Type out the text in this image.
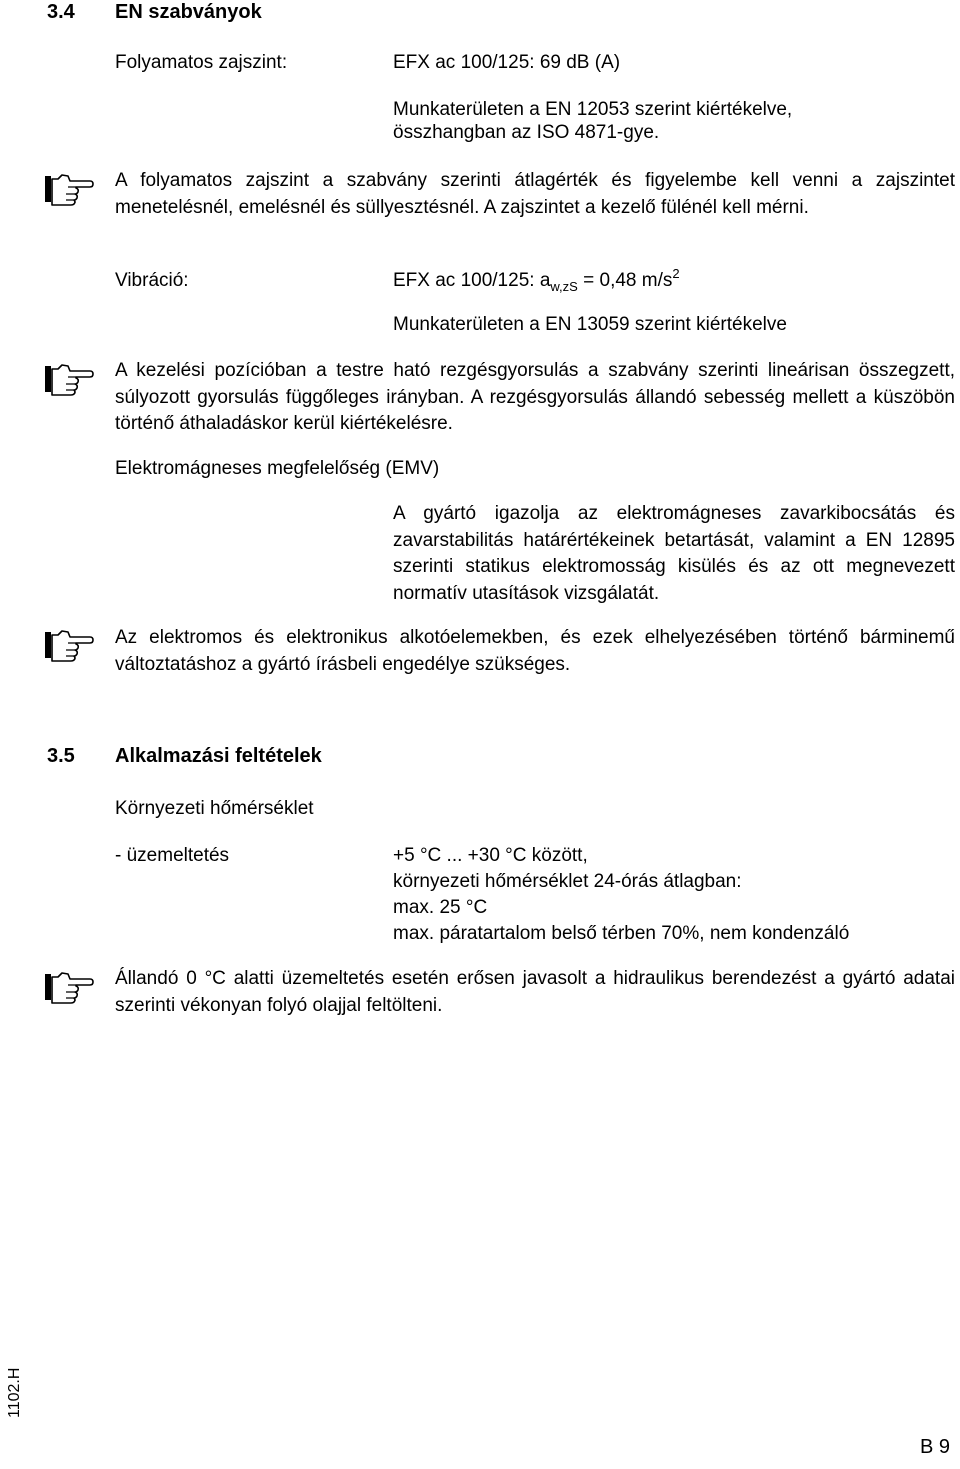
3.4 EN szabványok
Folyamatos zajszint:	EFX ac 100/125: 69 dB (A)
Munkaterületen a EN 12053 szerint kiértékelve,
összhangban az ISO 4871-gye.
A folyamatos zajszint a szabvány szerinti átlagérték és figyelembe kell venni a zajszintet menetelésnél, emelésnél és süllyesztésnél. A zajszintet a kezelő fülénél kell mérni.
Vibráció:	EFX ac 100/125: $a_{w,zS} = 0,48$ $m/s^2$
Munkaterületen a EN 13059 szerint kiértékelve
A kezelési pozícióban a testre ható rezgésgyorsulás a szabvány szerinti lineárisan összegzett, súlyozott gyorsulás függőleges irányban. A rezgésgyorsulás állandó sebesség mellett a küszöbön történő áthaladáskor kerül kiértékelésre.
Elektromágneses megfelelőség (EMV)
A gyártó igazolja az elektromágneses zavarkibocsátás és zavarstabilitás határértékeinek betartását, valamint a EN 12895 szerinti statikus elektromosság kisülés és az ott megnevezett normatív utasítások vizsgálatát.
Az elektromos és elektronikus alkotóelemekben, és ezek elhelyezésében történő bárminemű változtatáshoz a gyártó írásbeli engedélye szükséges.
3.5 Alkalmazási feltételek
Környezeti hőmérséklet
- üzemeltetés	+5 °C ... +30 °C között,
környezeti hőmérséklet 24-órás átlagban:
max. 25 °C
max. páratartalom belső térben 70%, nem kondenzáló
Állandó 0 °C alatti üzemeltetés esetén erősen javasolt a hidraulikus berendezést a gyártó adatai szerinti vékonyan folyó olajjal feltölteni.
1102.H
B 9
